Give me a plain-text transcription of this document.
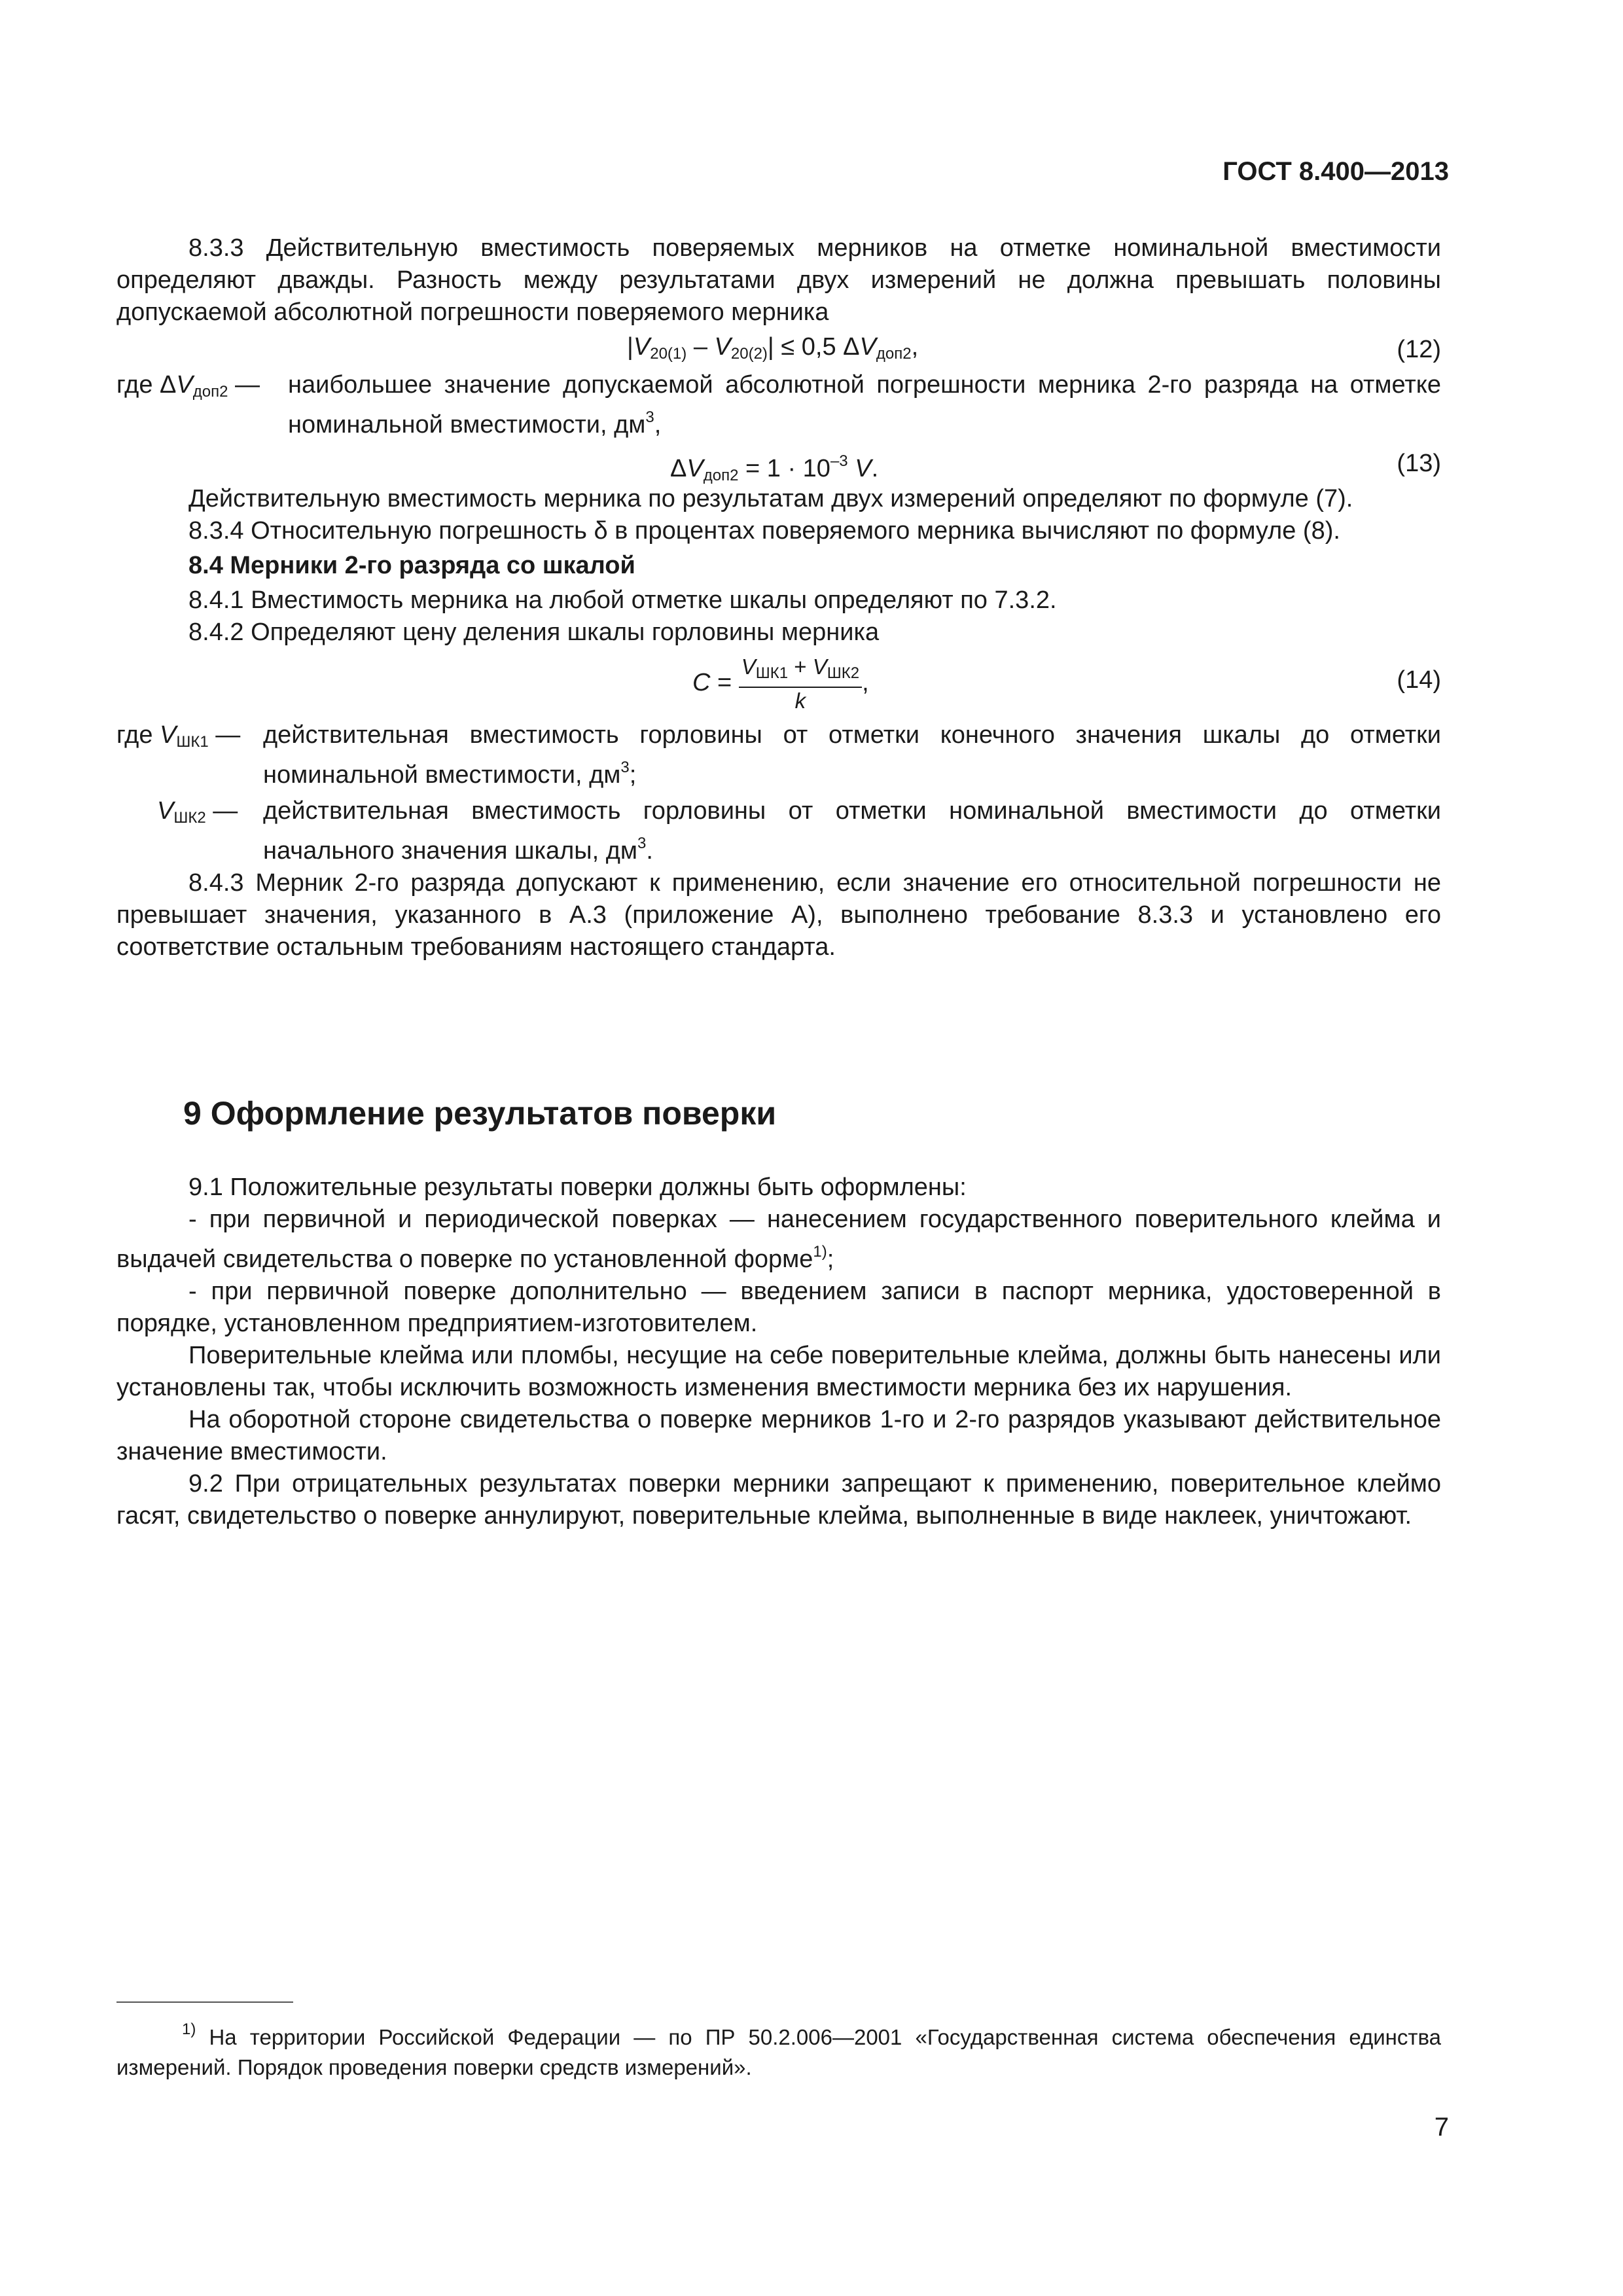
ГОСТ 8.400—2013

8.3.3 Действительную вместимость поверяемых мерников на отметке номинальной вместимости определяют дважды. Разность между результатами двух измерений не должна превышать половины допускаемой абсолютной погрешности поверяемого мерника

$|V_{20(1)} - V_{20(2)}| \le 0,5$ $\Delta V_{доп2}$,	(12)
где $\Delta V_{доп2}$ — наибольшее значение допускаемой абсолютной погрешности мерника 2-го разряда на отметке номинальной вместимости, $дм^3$,

$\Delta V_{доп2} = 1 \cdot 10^{-3}$ V.	(13)

Действительную вместимость мерника по результатам двух измерений определяют по формуле (7).

8.3.4 Относительную погрешность δ в процентах поверяемого мерника вычисляют по формуле (8).

8.4 Мерники 2-го разряда со шкалой

8.4.1 Вместимость мерника на любой отметке шкалы определяют по 7.3.2.

8.4.2 Определяют цену деления шкалы горловины мерника

$C = \frac{V_{ШК1} + V_{ШК2}}{k}$ ,	(14)
где $V_{ШК1}$ — действительная вместимость горловины от отметки конечного значения шкалы до отметки номинальной вместимости, $дм^3$;

$V_{ШК2}$ — действительная вместимость горловины от отметки номинальной вместимости до отметки начального значения шкалы, $дм^3$.

8.4.3 Мерник 2-го разряда допускают к применению, если значение его относительной погрешности не превышает значения, указанного в А.3 (приложение А), выполнено требование 8.3.3 и установлено его соответствие остальным требованиям настоящего стандарта.

9 Оформление результатов поверки

9.1 Положительные результаты поверки должны быть оформлены:

- при первичной и периодической поверках — нанесением государственного поверительного клейма и выдачей свидетельства о поверке по установленной форме$^{1)}$;

- при первичной поверке дополнительно — введением записи в паспорт мерника, удостоверенной в порядке, установленном предприятием-изготовителем.

Поверительные клейма или пломбы, несущие на себе поверительные клейма, должны быть нанесены или установлены так, чтобы исключить возможность изменения вместимости мерника без их нарушения.

На оборотной стороне свидетельства о поверке мерников 1-го и 2-го разрядов указывают действительное значение вместимости.

9.2 При отрицательных результатах поверки мерники запрещают к применению, поверительное клеймо гасят, свидетельство о поверке аннулируют, поверительные клейма, выполненные в виде наклеек, уничтожают.

$^{1)}$ На территории Российской Федерации — по ПР 50.2.006—2001 «Государственная система обеспечения единства измерений. Порядок проведения поверки средств измерений».

7
